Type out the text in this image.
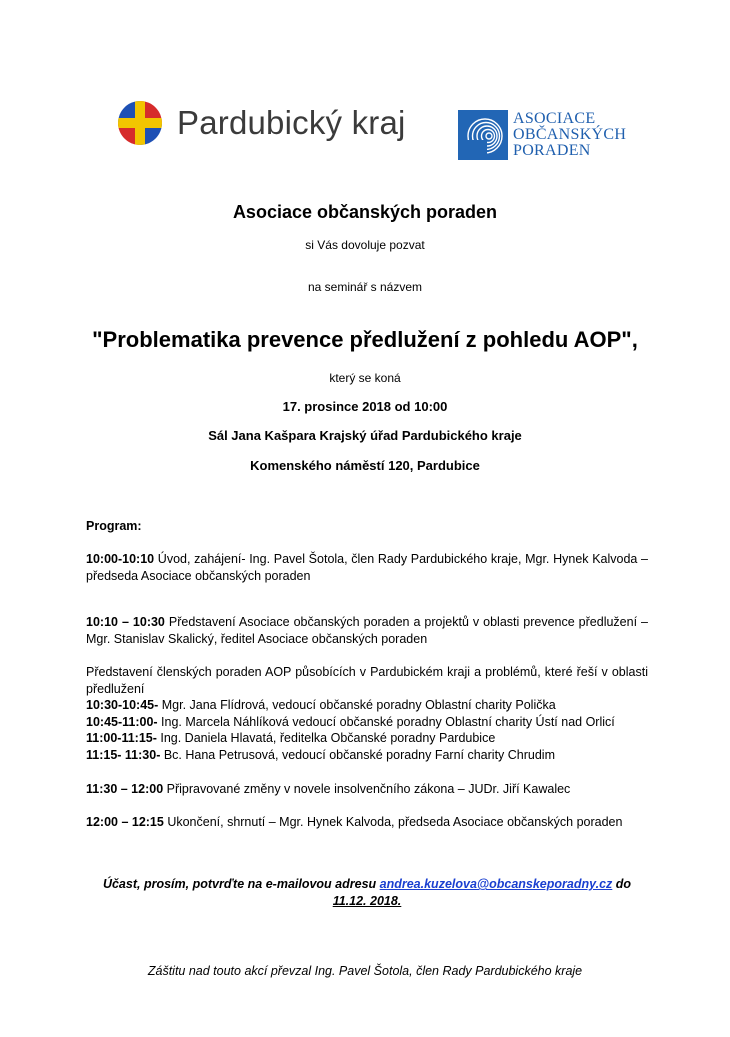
Pardubický kraj	ASOCIACE
OBČANSKÝCH
PORADEN
Asociace občanských poraden
si Vás dovoluje pozvat
na seminář s názvem
"Problematika prevence předlužení z pohledu AOP",
který se koná
17. prosince 2018 od 10:00
Sál Jana Kašpara Krajský úřad Pardubického kraje
Komenského náměstí 120, Pardubice
Program:
10:00-10:10 Úvod, zahájení- Ing. Pavel Šotola, člen Rady Pardubického kraje, Mgr. Hynek Kalvoda – předseda Asociace občanských poraden
10:10 – 10:30 Představení Asociace občanských poraden a projektů v oblasti prevence předlužení – Mgr. Stanislav Skalický, ředitel Asociace občanských poraden
Představení členských poraden AOP působících v Pardubickém kraji a problémů, které řeší v oblasti předlužení
10:30-10:45- Mgr. Jana Flídrová, vedoucí občanské poradny Oblastní charity Polička
10:45-11:00- Ing. Marcela Náhlíková vedoucí občanské poradny Oblastní charity Ústí nad Orlicí
11:00-11:15- Ing. Daniela Hlavatá, ředitelka Občanské poradny Pardubice
11:15- 11:30- Bc. Hana Petrusová, vedoucí občanské poradny Farní charity Chrudim
11:30 – 12:00 Připravované změny v novele insolvenčního zákona – JUDr. Jiří Kawalec
12:00 – 12:15 Ukončení, shrnutí – Mgr. Hynek Kalvoda, předseda Asociace občanských poraden
Účast, prosím, potvrďte na e-mailovou adresu andrea.kuzelova@obcanskeporadny.cz do 11.12. 2018.
Záštitu nad touto akcí převzal Ing. Pavel Šotola, člen Rady Pardubického kraje
